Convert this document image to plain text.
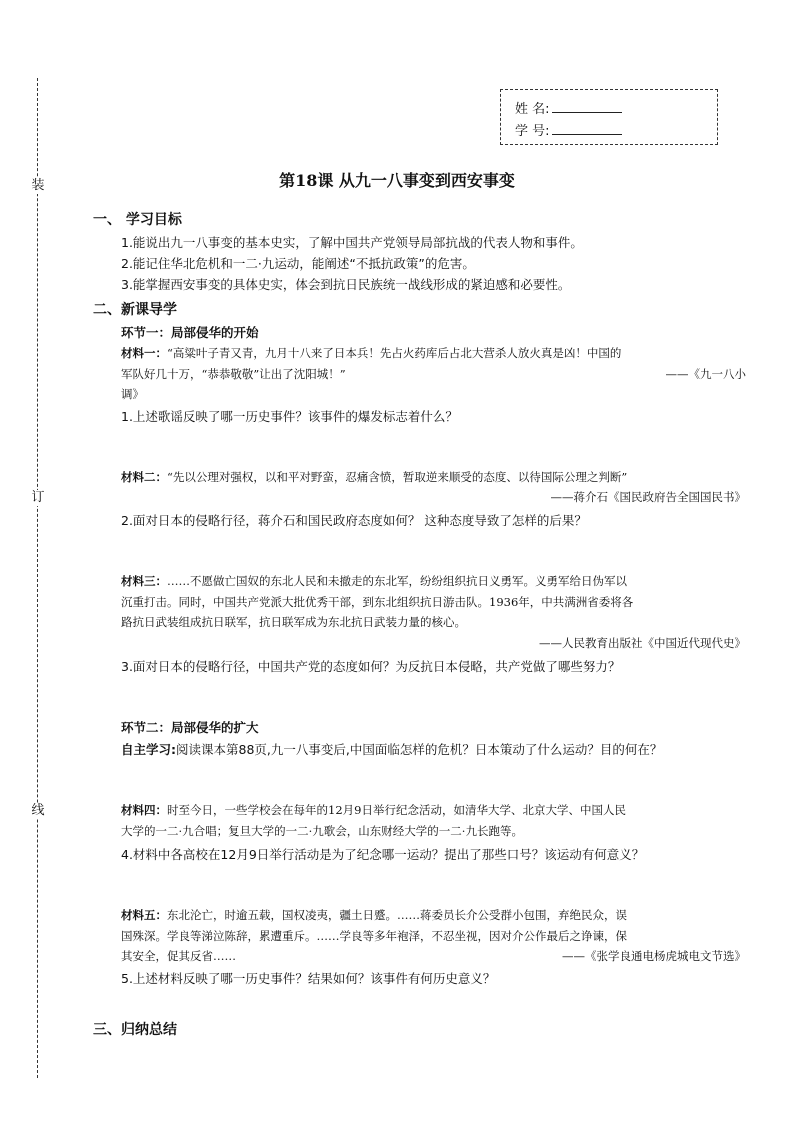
装
订
线
姓 名:
学 号:
第18课 从九一八事变到西安事变
一、 学习目标
1.能说出九一八事变的基本史实，了解中国共产党领导局部抗战的代表人物和事件。
2.能记住华北危机和一二·九运动，能阐述“不抵抗政策”的危害。
3.能掌握西安事变的具体史实，体会到抗日民族统一战线形成的紧迫感和必要性。
二、新课导学
环节一：局部侵华的开始
材料一：“高粱叶子青又青，九月十八来了日本兵！先占火药库后占北大营杀人放火真是凶！中国的
军队好几十万，“恭恭敬敬”让出了沈阳城！”	——《九一八小
调》
1.上述歌谣反映了哪一历史事件？该事件的爆发标志着什么？
材料二：“先以公理对强权，以和平对野蛮，忍痛含愤，暂取逆来顺受的态度、以待国际公理之判断”
——蒋介石《国民政府告全国国民书》
2.面对日本的侵略行径，蒋介石和国民政府态度如何？ 这种态度导致了怎样的后果？
材料三：……不愿做亡国奴的东北人民和未撤走的东北军，纷纷组织抗日义勇军。义勇军给日伪军以
沉重打击。同时，中国共产党派大批优秀干部，到东北组织抗日游击队。1936年，中共满洲省委将各
路抗日武装组成抗日联军，抗日联军成为东北抗日武装力量的核心。
——人民教育出版社《中国近代现代史》
3.面对日本的侵略行径，中国共产党的态度如何？为反抗日本侵略，共产党做了哪些努力？
环节二：局部侵华的扩大
自主学习:阅读课本第88页,九一八事变后,中国面临怎样的危机？日本策动了什么运动？目的何在？
材料四：时至今日，一些学校会在每年的12月9日举行纪念活动，如清华大学、北京大学、中国人民
大学的一二·九合唱；复旦大学的一二·九歌会，山东财经大学的一二·九长跑等。
4.材料中各高校在12月9日举行活动是为了纪念哪一运动？提出了那些口号？该运动有何意义？
材料五：东北沦亡，时逾五载，国权凌夷，疆土日蹙。……蒋委员长介公受群小包围，弃绝民众，误
国殊深。学良等涕泣陈辞，累遭重斥。……学良等多年袍泽，不忍坐视，因对介公作最后之诤谏，保
其安全，促其反省……	——《张学良通电杨虎城电文节选》
5.上述材料反映了哪一历史事件？结果如何？该事件有何历史意义？
三、归纳总结
